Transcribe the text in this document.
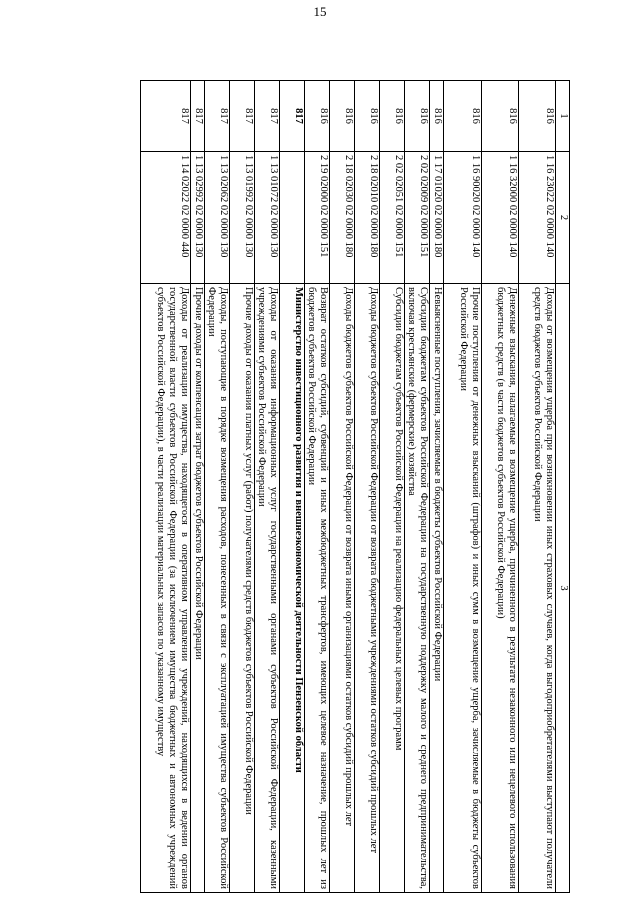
15
1	2	3
816	1 16 23022 02 0000 140	Доходы от возмещения ущерба при возникновении иных страховых случаев, когда выгодоприобретателями выступают получатели средств бюджетов субъектов Российской Федерации
816	1 16 32000 02 0000 140	Денежные взыскания, налагаемые в возмещение ущерба, причиненного в результате незаконного или нецелевого использования бюджетных средств (в части бюджетов субъектов Российской Федерации)
816	1 16 90020 02 0000 140	Прочие поступления от денежных взысканий (штрафов) и иных сумм в возмещение ущерба, зачисляемые в бюджеты субъектов Российской Федерации
816	1 17 01020 02 0000 180	Невыясненные поступления, зачисляемые в бюджеты субъектов Российской Федерации
816	2 02 02009 02 0000 151	Субсидии бюджетам субъектов Российской Федерации на государственную поддержку малого и среднего предпринимательства, включая крестьянские (фермерские) хозяйства
816	2 02 02051 02 0000 151	Субсидии бюджетам субъектов Российской Федерации на реализацию федеральных целевых программ
816	2 18 02010 02 0000 180	Доходы бюджетов субъектов Российской Федерации от возврата бюджетными учреждениями остатков субсидий прошлых лет
816	2 18 02030 02 0000 180	Доходы бюджетов субъектов Российской Федерации от возврата иными организациями остатков субсидий прошлых лет
816	2 19 02000 02 0000 151	Возврат остатков субсидий, субвенций и иных межбюджетных трансфертов, имеющих целевое назначение, прошлых лет из бюджетов субъектов Российской Федерации
817		Министерство инвестиционного развития и внешнеэкономической деятельности Пензенской области
817	1 13 01072 02 0000 130	Доходы от оказания информационных услуг государственными органами субъектов Российской Федерации, казенными учреждениями субъектов Российской Федерации
817	1 13 01992 02 0000 130	Прочие доходы от оказания платных услуг (работ) получателями средств бюджетов субъектов Российской Федерации
817	1 13 02062 02 0000 130	Доходы, поступающие в порядке возмещения расходов, понесенных в связи с эксплуатацией имущества субъектов Российской Федерации
817	1 13 02992 02 0000 130	Прочие доходы от компенсации затрат бюджетов субъектов Российской Федерации
817	1 14 02022 02 0000 440	Доходы от реализации имущества, находящегося в оперативном управлении учреждений, находящихся в ведении органов государственной власти субъектов Российской Федерации (за исключением имущества бюджетных и автономных учреждений субъектов Российской Федерации), в части реализации материальных запасов по указанному имуществу
